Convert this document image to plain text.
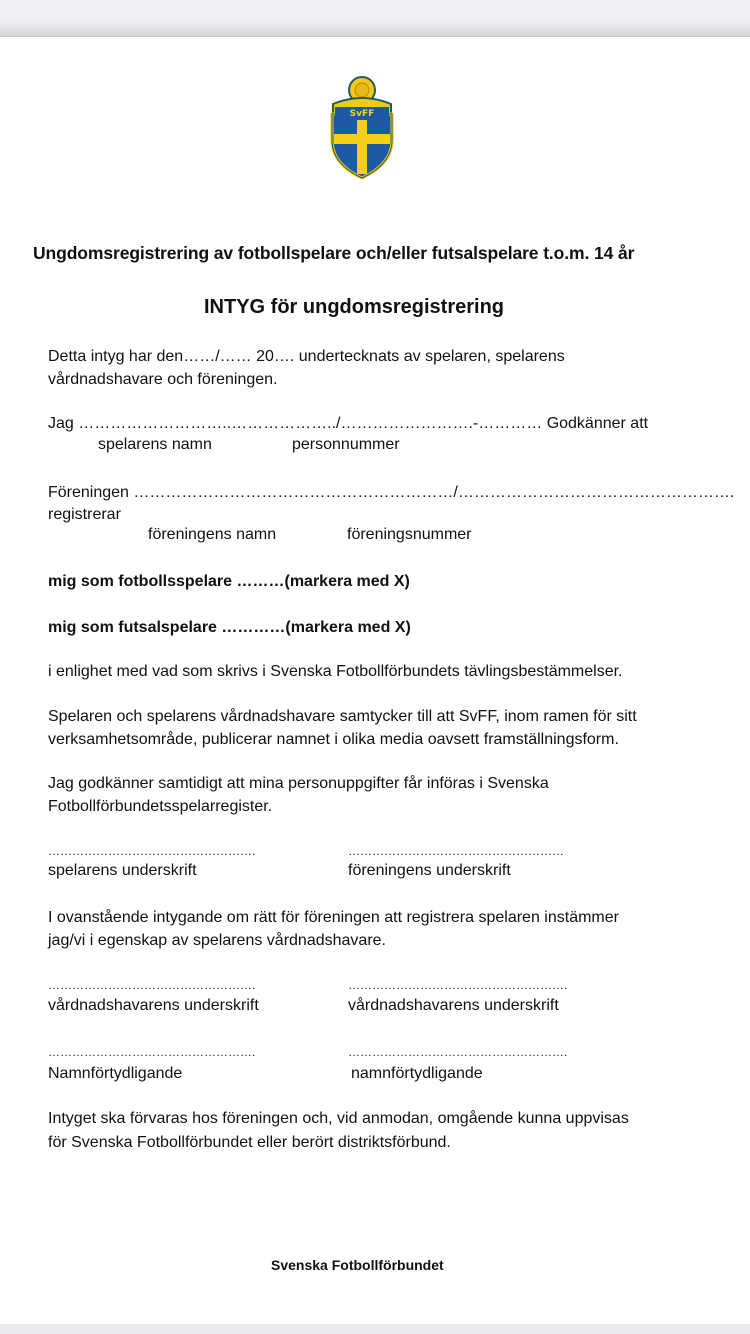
SvFF
Ungdomsregistrering av fotbollspelare och/eller futsalspelare t.o.m. 14 år
INTYG för ungdomsregistrering
Detta intyg har den……/…… 20…. undertecknats av spelaren, spelarens
vårdnadshavare och föreningen.
Jag ………………………..………………../…………………….-………… Godkänner att
spelarens namn	personnummer
Föreningen ……………………………………………………/…………………………………………….
registrerar
föreningens namn	föreningsnummer
mig som fotbollsspelare ………(markera med X)
mig som futsalspelare …………(markera med X)
i enlighet med vad som skrivs i Svenska Fotbollförbundets tävlingsbestämmelser.
Spelaren och spelarens vårdnadshavare samtycker till att SvFF, inom ramen för sitt
verksamhetsområde, publicerar namnet i olika media oavsett framställningsform.
Jag godkänner samtidigt att mina personuppgifter får införas i Svenska
Fotbollförbundetsspelarregister.
…………………………………………….	………………………………………………
spelarens underskrift	föreningens underskrift
I ovanstående intygande om rätt för föreningen att registrera spelaren instämmer
jag/vi i egenskap av spelarens vårdnadshavare.
…………………………………………….	……………………………………………….
vårdnadshavarens underskrift	vårdnadshavarens underskrift
…………………………………………….	……………………………………………….
Namnförtydligande	namnförtydligande
Intyget ska förvaras hos föreningen och, vid anmodan, omgående kunna uppvisas
för Svenska Fotbollförbundet eller berört distriktsförbund.
Svenska Fotbollförbundet
